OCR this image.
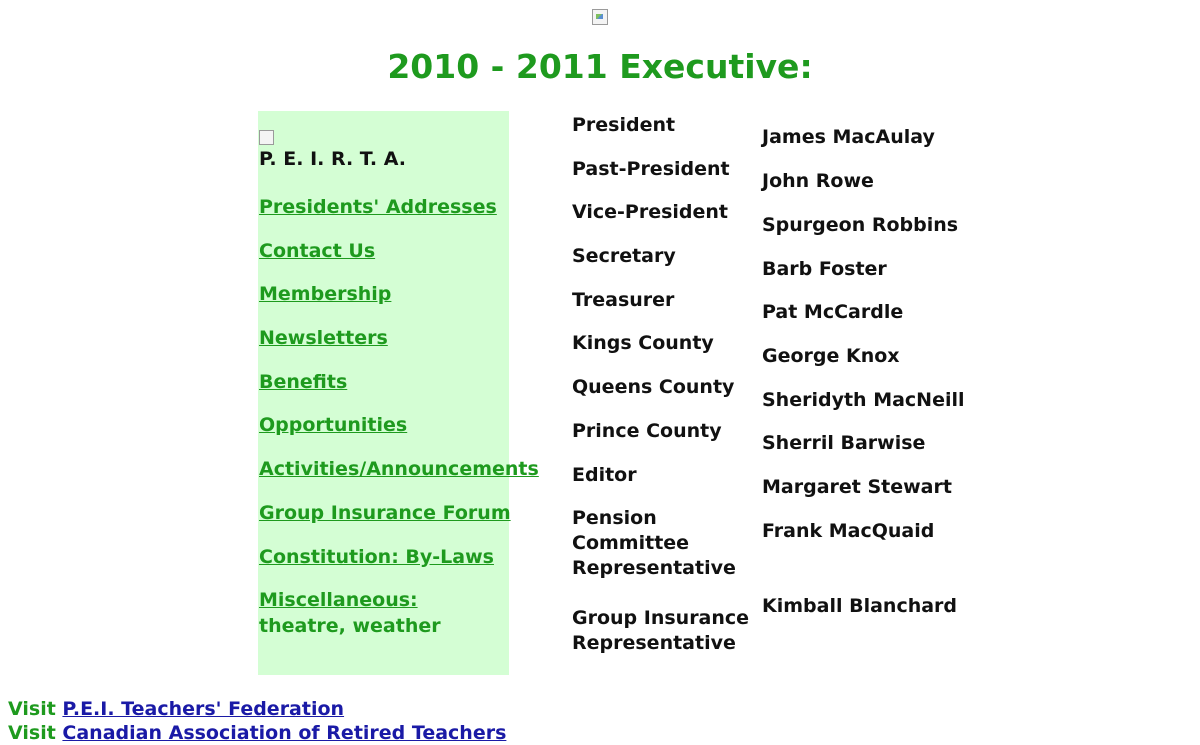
2010 - 2011 Executive:
P. E. I. R. T. A.
Presidents' Addresses
Contact Us
Membership
Newsletters
Benefits
Opportunities
Activities/Announcements
Group Insurance Forum
Constitution: By-Laws
Miscellaneous:
theatre, weather
President
Past-President
Vice-President
Secretary
Treasurer
Kings County
Queens County
Prince County
Editor
Pension
Committee
Representative
Group Insurance
Representative
James MacAulay
John Rowe
Spurgeon Robbins
Barb Foster
Pat McCardle
George Knox
Sheridyth MacNeill
Sherril Barwise
Margaret Stewart
Frank MacQuaid
Kimball Blanchard
Visit P.E.I. Teachers' Federation
Visit Canadian Association of Retired Teachers
